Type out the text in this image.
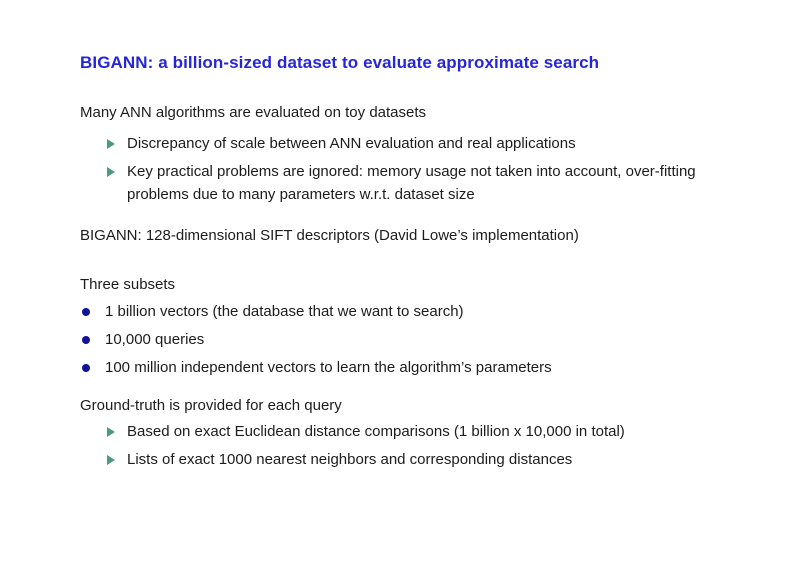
BIGANN: a billion-sized dataset to evaluate approximate search

Many ANN algorithms are evaluated on toy datasets

Discrepancy of scale between ANN evaluation and real applications
Key practical problems are ignored: memory usage not taken into account, over-fitting problems due to many parameters w.r.t. dataset size

BIGANN: 128-dimensional SIFT descriptors (David Lowe’s implementation)

Three subsets

1 billion vectors (the database that we want to search)
10,000 queries
100 million independent vectors to learn the algorithm’s parameters

Ground-truth is provided for each query

Based on exact Euclidean distance comparisons (1 billion x 10,000 in total)
Lists of exact 1000 nearest neighbors and corresponding distances
